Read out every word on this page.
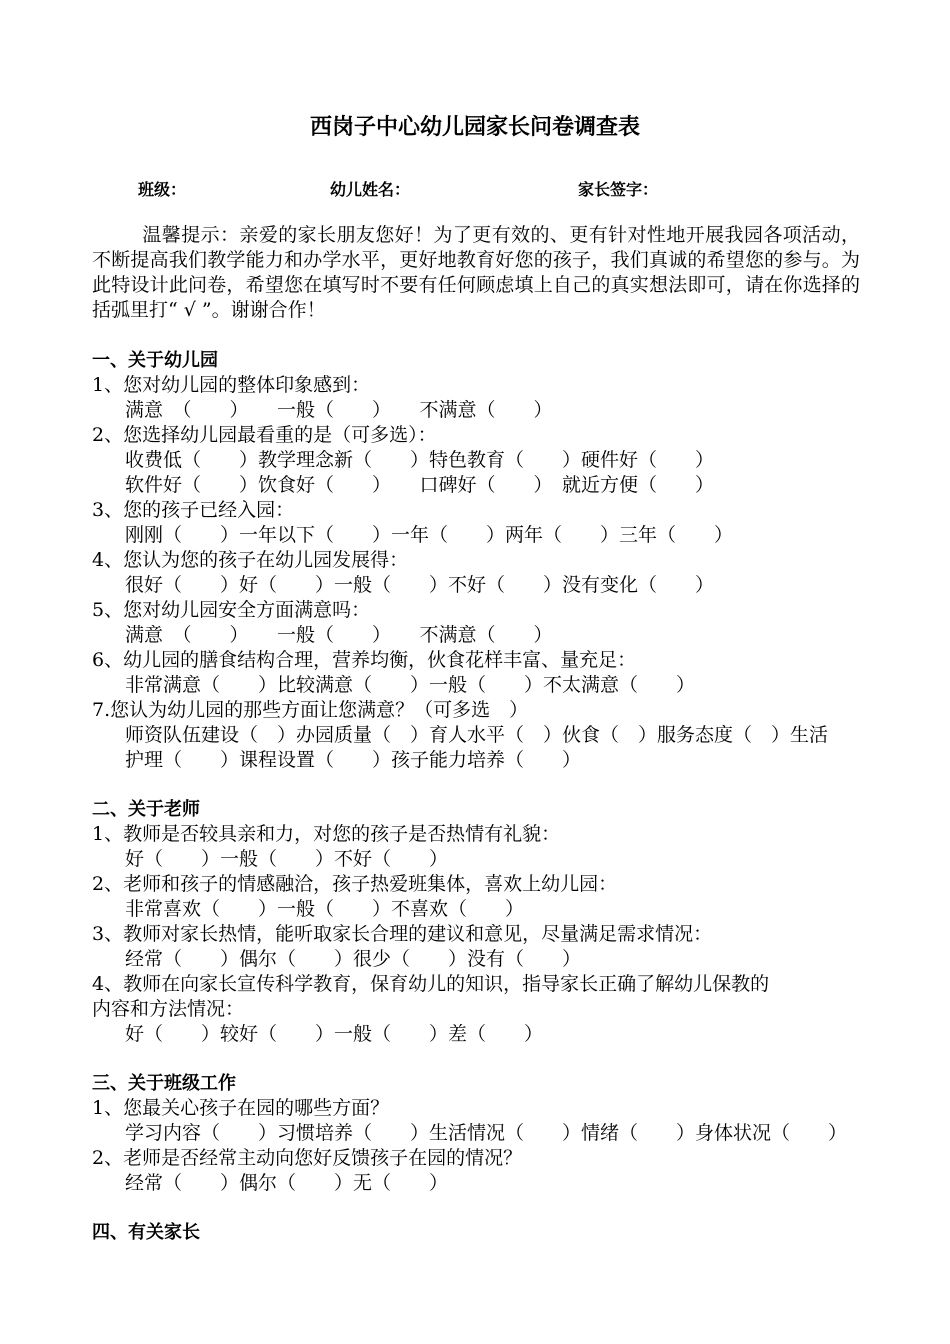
西岗子中心幼儿园家长问卷调查表
班级：	幼儿姓名：	家长签字：
温馨提示：亲爱的家长朋友您好！为了更有效的、更有针对性地开展我园各项活动，不断提高我们教学能力和办学水平，更好地教育好您的孩子，我们真诚的希望您的参与。为此特设计此问卷，希望您在填写时不要有任何顾虑填上自己的真实想法即可，请在你选择的括弧里打“ √ ”。谢谢合作！
一、关于幼儿园
1、您对幼儿园的整体印象感到：
满意　（　　）　　一般（　　）　　不满意（　　）
2、您选择幼儿园最看重的是（可多选）：
收费低（　　）教学理念新（　　）特色教育（　　）硬件好（　　）
软件好（　　）饮食好（　　）　　口碑好（　　）　就近方便（　　）
3、您的孩子已经入园：
刚刚（　　）一年以下（　　）一年（　　）两年（　　）三年（　　）
4、您认为您的孩子在幼儿园发展得：
很好（　　）好（　　）一般（　　）不好（　　）没有变化（　　）
5、您对幼儿园安全方面满意吗：
满意　（　　）　　一般（　　）　　不满意（　　）
6、幼儿园的膳食结构合理，营养均衡，伙食花样丰富、量充足：
非常满意（　　）比较满意（　　）一般（　　）不太满意（　　）
7.您认为幼儿园的那些方面让您满意？（可多选　）
师资队伍建设（　）办园质量（　）育人水平（　）伙食（　）服务态度（　）生活
护理（　　）课程设置（　　）孩子能力培养（　　）
二、关于老师
1、教师是否较具亲和力，对您的孩子是否热情有礼貌：
好（　　）一般（　　）不好（　　）
2、老师和孩子的情感融洽，孩子热爱班集体，喜欢上幼儿园：
非常喜欢（　　）一般（　　）不喜欢（　　）
3、教师对家长热情，能听取家长合理的建议和意见，尽量满足需求情况：
经常（　　）偶尔（　　）很少（　　）没有（　　）
4、教师在向家长宣传科学教育，保育幼儿的知识，指导家长正确了解幼儿保教的
内容和方法情况：
好（　　）较好（　　）一般（　　）差（　　）
三、关于班级工作
1、您最关心孩子在园的哪些方面？
学习内容（　　）习惯培养（　　）生活情况（　　）情绪（　　）身体状况（　　）
2、老师是否经常主动向您好反馈孩子在园的情况？
经常（　　）偶尔（　　）无（　　）
四、有关家长
